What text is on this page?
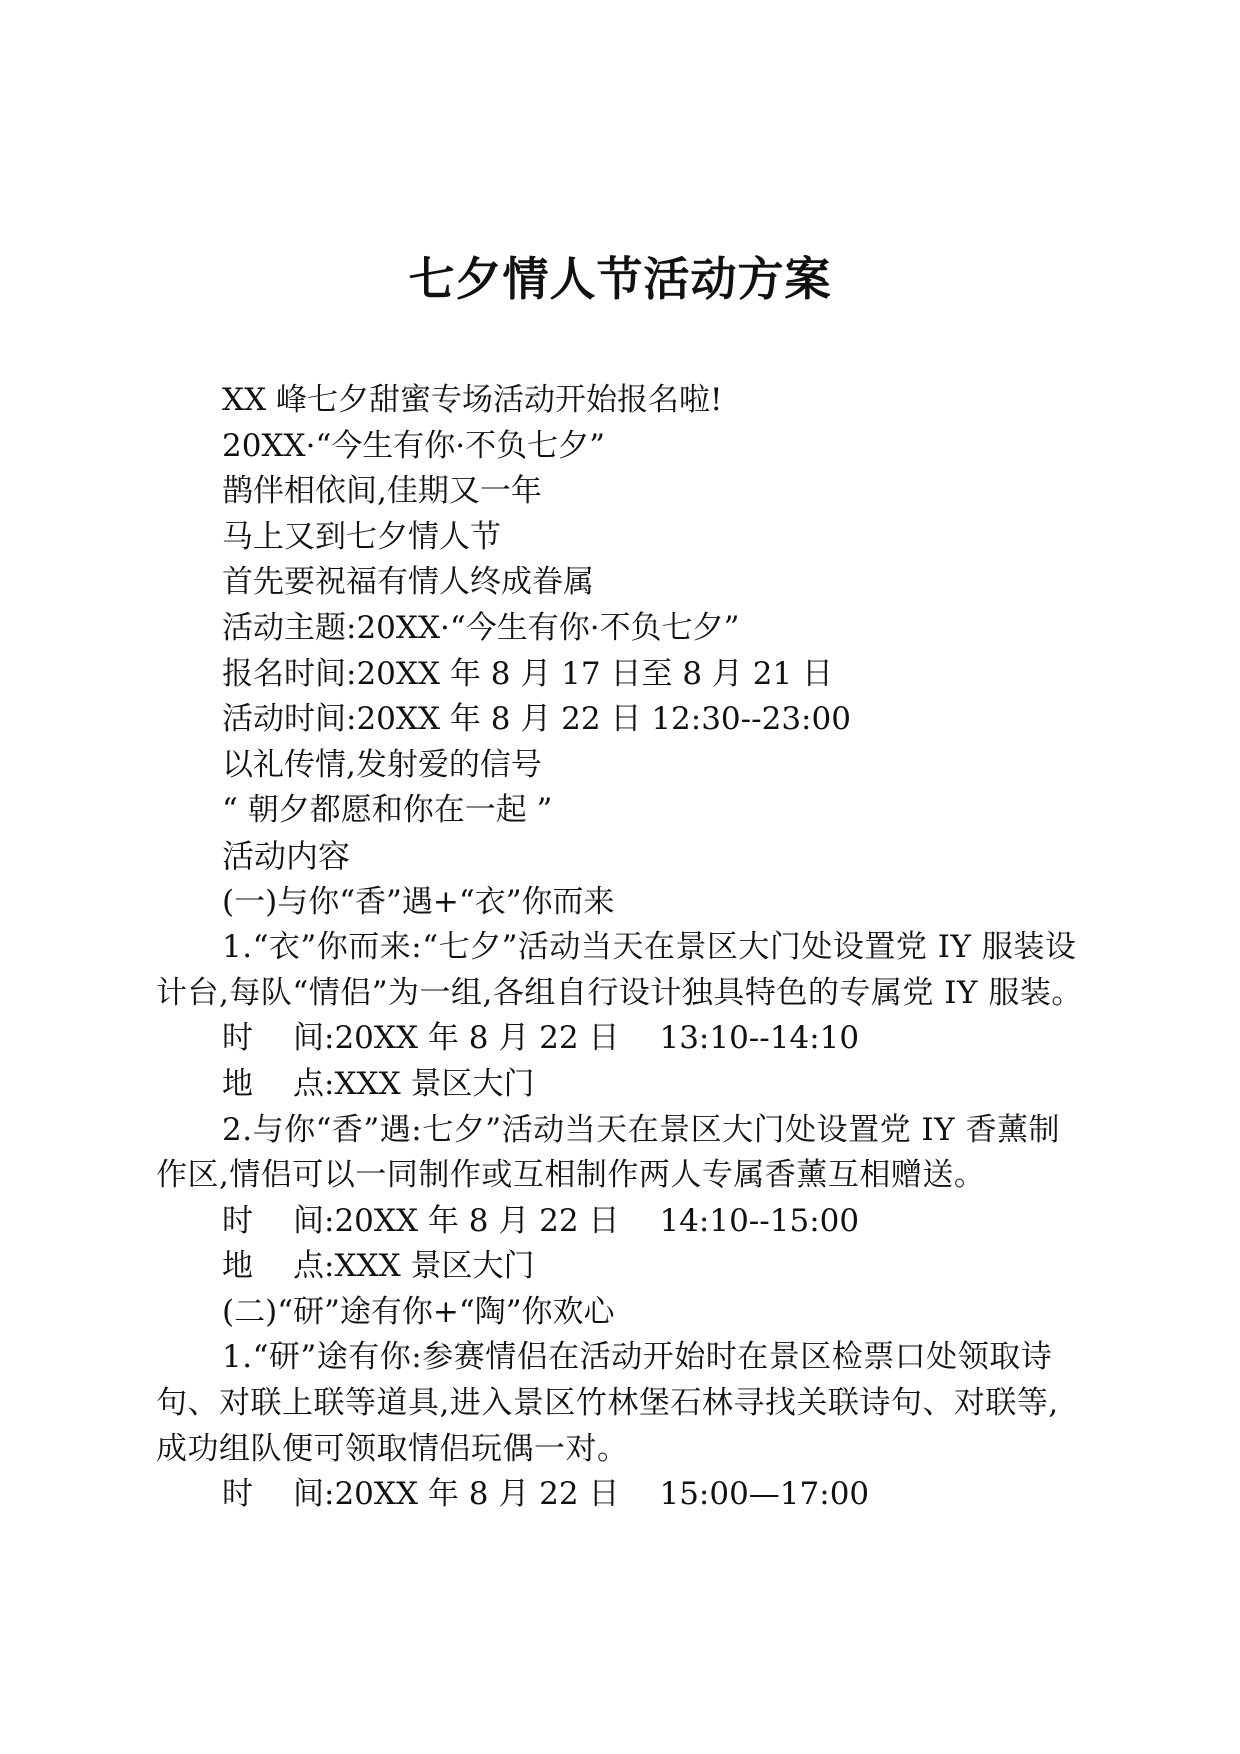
七夕情人节活动方案

XX 峰七夕甜蜜专场活动开始报名啦!

20XX·“今生有你·不负七夕”

鹊伴相依间,佳期又一年

马上又到七夕情人节

首先要祝福有情人终成眷属

活动主题:20XX·“今生有你·不负七夕”

报名时间:20XX 年 8 月 17 日至 8 月 21 日

活动时间:20XX 年 8 月 22 日 12:30--23:00

以礼传情,发射爱的信号

“ 朝夕都愿和你在一起 ”

活动内容

(一)与你“香”遇+“衣”你而来

1.“衣”你而来:“七夕”活动当天在景区大门处设置党 IY 服装设计台,每队“情侣”为一组,各组自行设计独具特色的专属党 IY 服装。

时 间:20XX 年 8 月 22 日 13:10--14:10

地 点:XXX 景区大门

2.与你“香”遇:七夕”活动当天在景区大门处设置党 IY 香薰制作区,情侣可以一同制作或互相制作两人专属香薰互相赠送。

时 间:20XX 年 8 月 22 日 14:10--15:00

地 点:XXX 景区大门

(二)“研”途有你+“陶”你欢心

1.“研”途有你:参赛情侣在活动开始时在景区检票口处领取诗句、对联上联等道具,进入景区竹林堡石林寻找关联诗句、对联等,成功组队便可领取情侣玩偶一对。

时 间:20XX 年 8 月 22 日 15:00—17:00
